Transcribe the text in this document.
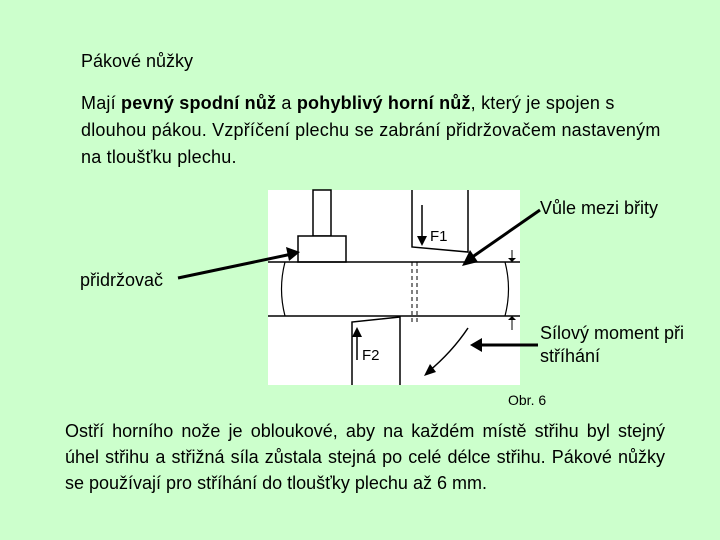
Pákové nůžky
Mají pevný spodní nůž a pohyblivý horní nůž, který je spojen s dlouhou pákou. Vzpříčení plechu se zabrání přidržovačem nastaveným na tloušťku plechu.
F1
F2
Vůle mezi břity
přidržovač
Sílový moment při
stříhání
Obr. 6
Ostří horního nože je obloukové, aby na každém místě střihu byl stejný úhel střihu a střižná síla zůstala stejná po celé délce střihu. Pákové nůžky se používají pro stříhání do tloušťky plechu až 6 mm.
